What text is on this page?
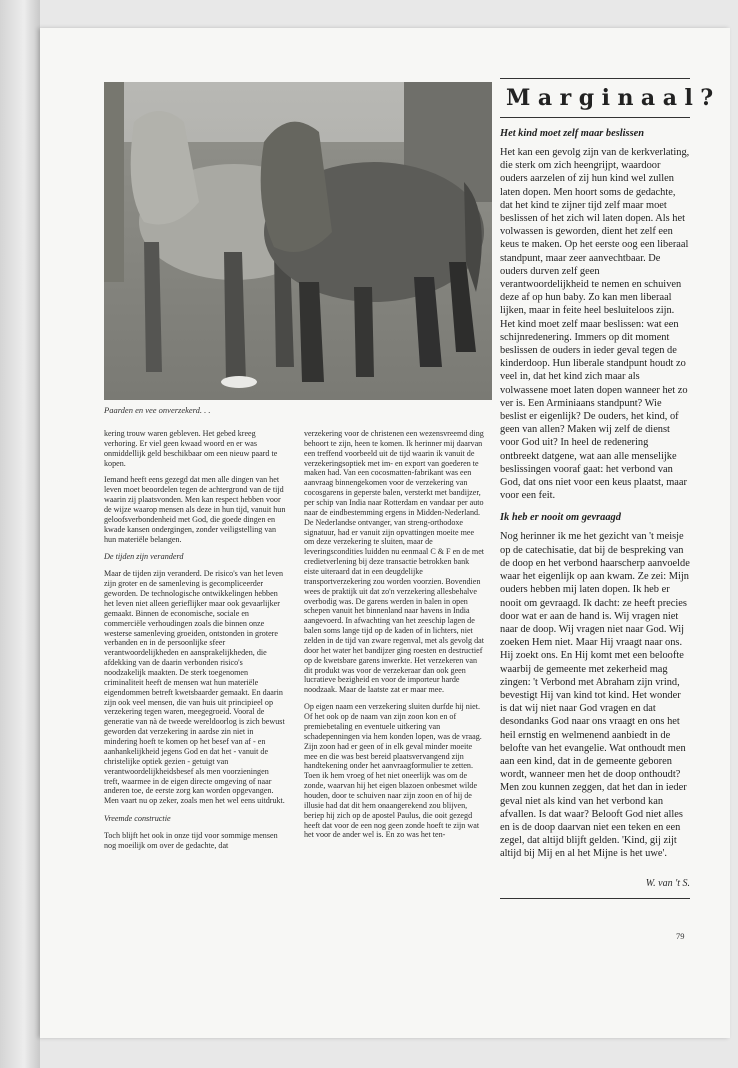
Paarden en vee onverzekerd. . .

kering trouw waren gebleven. Het gebed kreeg verhoring. Er viel geen kwaad woord en er was onmiddellijk geld beschikbaar om een nieuw paard te kopen.

Iemand heeft eens gezegd dat men alle dingen van het leven moet beoordelen tegen de achtergrond van de tijd waarin zij plaatsvonden. Men kan respect hebben voor de wijze waarop mensen als deze in hun tijd, vanuit hun geloofsverbondenheid met God, die goede dingen en kwade kansen ondergingen, zonder veiligstelling van hun materiële belangen.

De tijden zijn veranderd

Maar de tijden zijn veranderd. De risico's van het leven zijn groter en de samenleving is gecompliceerder geworden. De technologische ontwikkelingen hebben het leven niet alleen gerieflijker maar ook gevaarlijker gemaakt. Binnen de economische, sociale en commerciële verhoudingen zoals die binnen onze westerse samenleving groeiden, ontstonden in grotere verbanden en in de persoonlijke sfeer verantwoordelijkheden en aansprakelijkheden, die afdekking van de daarin verbonden risico's noodzakelijk maakten. De sterk toegenomen criminaliteit heeft de mensen wat hun materiële eigendommen betreft kwetsbaarder gemaakt. En daarin zijn ook veel mensen, die van huis uit principieel op verzekering tegen waren, meegegroeid. Vooral de generatie van nà de tweede wereldoorlog is zich bewust geworden dat verzekering in aardse zin niet in mindering hoeft te komen op het besef van af - en aanhankelijkheid jegens God en dat het - vanuit de christelijke optiek gezien - getuigt van verantwoordelijkheidsbesef als men voorzieningen treft, waarmee in de eigen directe omgeving of naar anderen toe, de eerste zorg kan worden opgevangen. Men vaart nu op zeker, zoals men het wel eens uitdrukt.

Vreemde constructie

Toch blijft het ook in onze tijd voor sommige mensen nog moeilijk om over de gedachte, dat

verzekering voor de christenen een wezensvreemd ding behoort te zijn, heen te komen. Ik herinner mij daarvan een treffend voorbeeld uit de tijd waarin ik vanuit de verzekeringsoptiek met im- en export van goederen te maken had. Van een cocosmatten-fabrikant was een aanvraag binnengekomen voor de verzekering van cocosgarens in geperste balen, versterkt met bandijzer, per schip van India naar Rotterdam en vandaar per auto naar de eindbestemming ergens in Midden-Nederland. De Nederlandse ontvanger, van streng-orthodoxe signatuur, had er vanuit zijn opvattingen moeite mee om deze verzekering te sluiten, maar de leveringscondities luidden nu eenmaal C & F en de met credietverlening bij deze transactie betrokken bank eiste uiteraard dat in een deugdelijke transportverzekering zou worden voorzien. Bovendien wees de praktijk uit dat zo'n verzekering allesbehalve overbodig was. De garens werden in balen in open schepen vanuit het binnenland naar havens in India aangevoerd. In afwachting van het zeeschip lagen de balen soms lange tijd op de kaden of in lichters, niet zelden in de tijd van zware regenval, met als gevolg dat door het water het bandijzer ging roesten en destructief op de kwetsbare garens inwerkte. Het verzekeren van dit produkt was voor de verzekeraar dan ook geen lucratieve bezigheid en voor de importeur harde noodzaak. Maar de laatste zat er maar mee.

Op eigen naam een verzekering sluiten durfde hij niet. Of het ook op de naam van zijn zoon kon en of premiebetaling en eventuele uitkering van schadepenningen via hem konden lopen, was de vraag. Zijn zoon had er geen of in elk geval minder moeite mee en die was best bereid plaatsvervangend zijn handtekening onder het aanvraagformulier te zetten. Toen ik hem vroeg of het niet oneerlijk was om de zonde, waarvan hij het eigen blazoen onbesmet wilde houden, door te schuiven naar zijn zoon en of hij de illusie had dat dit hem onaangerekend zou blijven, beriep hij zich op de apostel Paulus, die ooit gezegd heeft dat voor de een nog geen zonde hoeft te zijn wat het voor de ander wel is. En zo was het ten-

Marginaal?
Het kind moet zelf maar beslissen

Het kan een gevolg zijn van de kerkverlating, die sterk om zich heengrijpt, waardoor ouders aarzelen of zij hun kind wel zullen laten dopen. Men hoort soms de gedachte, dat het kind te zijner tijd zelf maar moet beslissen of het zich wil laten dopen. Als het volwassen is geworden, dient het zelf een keus te maken. Op het eerste oog een liberaal standpunt, maar zeer aanvechtbaar. De ouders durven zelf geen verantwoordelijkheid te nemen en schuiven deze af op hun baby. Zo kan men liberaal lijken, maar in feite heel besluiteloos zijn. Het kind moet zelf maar beslissen: wat een schijnredenering. Immers op dit moment beslissen de ouders in ieder geval tegen de kinderdoop. Hun liberale standpunt houdt zo veel in, dat het kind zich maar als volwassene moet laten dopen wanneer het zo ver is. Een Arminiaans standpunt? Wie beslist er eigenlijk? De ouders, het kind, of geen van allen? Maken wij zelf de dienst voor God uit? In heel de redenering ontbreekt datgene, wat aan alle menselijke beslissingen vooraf gaat: het verbond van God, dat ons niet voor een keus plaatst, maar voor een feit.

Ik heb er nooit om gevraagd

Nog herinner ik me het gezicht van 't meisje op de catechisatie, dat bij de bespreking van de doop en het verbond haarscherp aanvoelde waar het eigenlijk op aan kwam. Ze zei: Mijn ouders hebben mij laten dopen. Ik heb er nooit om gevraagd. Ik dacht: ze heeft precies door wat er aan de hand is. Wij vragen niet naar de doop. Wij vragen niet naar God. Wij zoeken Hem niet. Maar Hij vraagt naar ons. Hij zoekt ons. En Hij komt met een beloofte waarbij de gemeente met zekerheid mag zingen: 't Verbond met Abraham zijn vrind, bevestigt Hij van kind tot kind. Het wonder is dat wij niet naar God vragen en dat desondanks God naar ons vraagt en ons het heil ernstig en welmenend aanbiedt in de belofte van het evangelie. Wat onthoudt men aan een kind, dat in de gemeente geboren wordt, wanneer men het de doop onthoudt? Men zou kunnen zeggen, dat het dan in ieder geval niet als kind van het verbond kan afvallen. Is dat waar? Belooft God niet alles en is de doop daarvan niet een teken en een zegel, dat altijd blijft gelden. 'Kind, gij zijt altijd bij Mij en al het Mijne is het uwe'.

W. van 't S.
79
